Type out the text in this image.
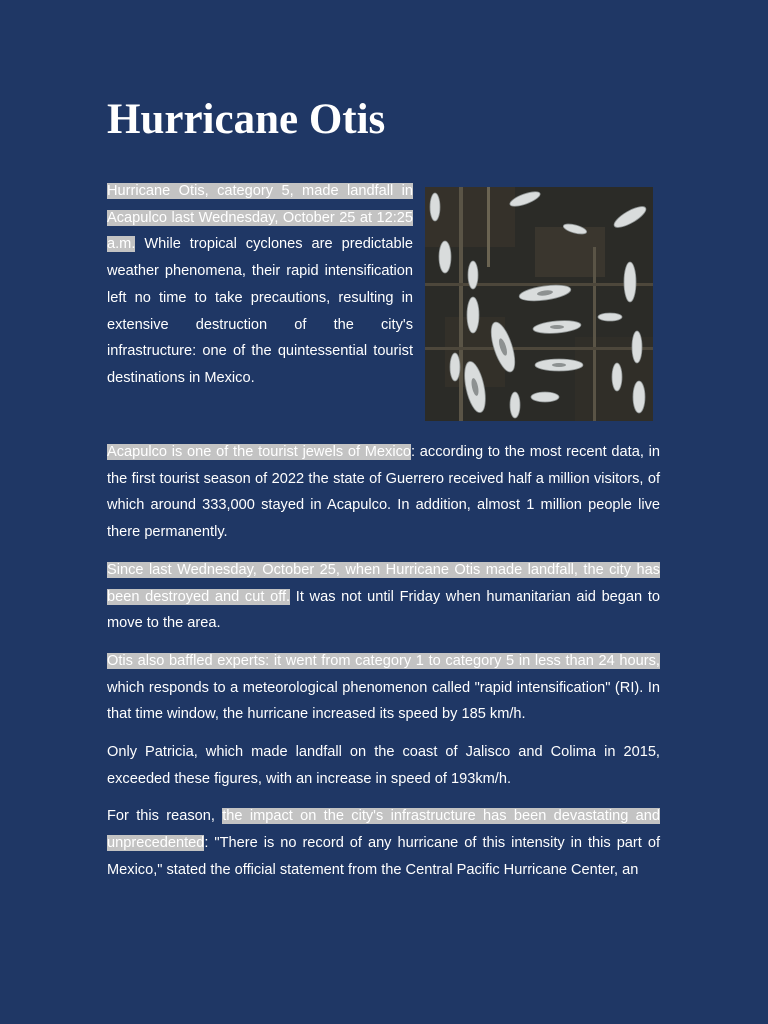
Hurricane Otis

Hurricane Otis, category 5, made landfall in Acapulco last Wednesday, October 25 at 12:25 a.m. While tropical cyclones are predictable weather phenomena, their rapid intensification left no time to take precautions, resulting in extensive destruction of the city's infrastructure: one of the quintessential tourist destinations in Mexico.

Acapulco is one of the tourist jewels of Mexico: according to the most recent data, in the first tourist season of 2022 the state of Guerrero received half a million visitors, of which around 333,000 stayed in Acapulco. In addition, almost 1 million people live there permanently.

Since last Wednesday, October 25, when Hurricane Otis made landfall, the city has been destroyed and cut off. It was not until Friday when humanitarian aid began to move to the area.

Otis also baffled experts: it went from category 1 to category 5 in less than 24 hours, which responds to a meteorological phenomenon called "rapid intensification" (RI). In that time window, the hurricane increased its speed by 185 km/h.

Only Patricia, which made landfall on the coast of Jalisco and Colima in 2015, exceeded these figures, with an increase in speed of 193km/h.

For this reason, the impact on the city's infrastructure has been devastating and unprecedented: "There is no record of any hurricane of this intensity in this part of Mexico," stated the official statement from the Central Pacific Hurricane Center, an
